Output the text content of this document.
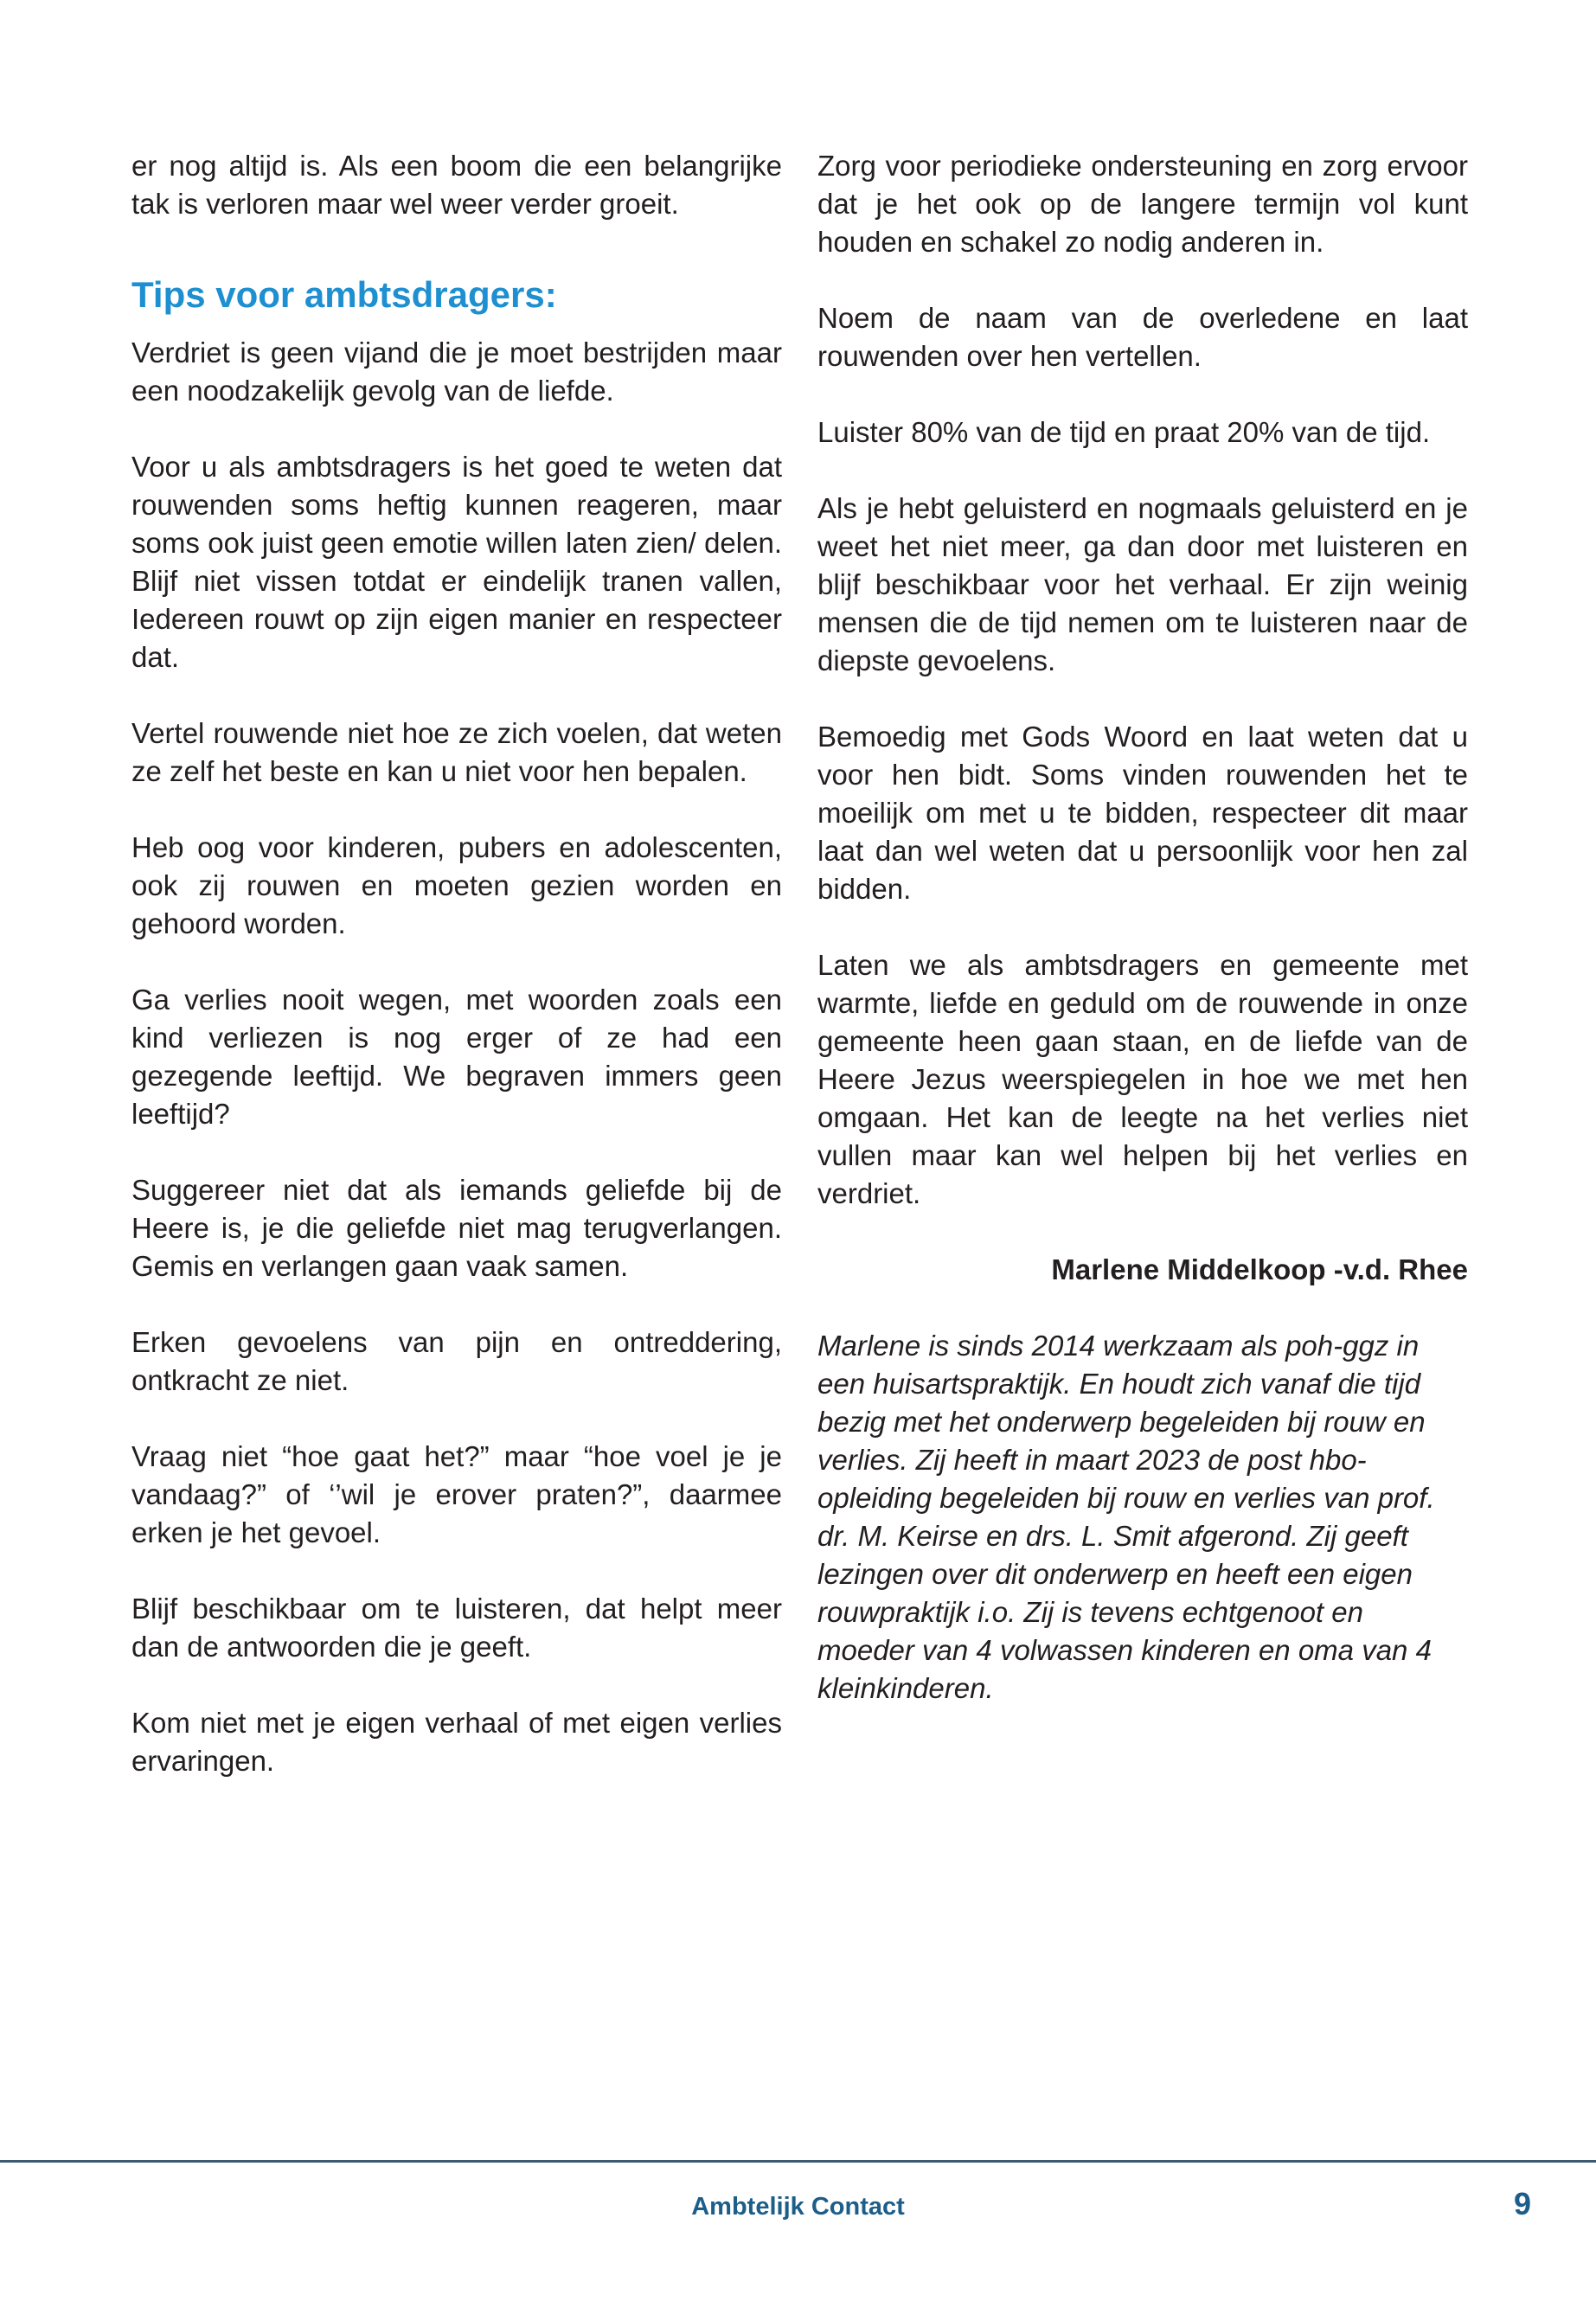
er nog altijd is. Als een boom die een belangrijke tak is verloren maar wel weer verder groeit.

Tips voor ambtsdragers:

Verdriet is geen vijand die je moet bestrijden maar een noodzakelijk gevolg van de liefde.

Voor u als ambtsdragers is het goed te weten dat rouwenden soms heftig kunnen reageren, maar soms ook juist geen emotie willen laten zien/ delen. Blijf niet vissen totdat er eindelijk tranen vallen, Iedereen rouwt op zijn eigen manier en respecteer dat.

Vertel rouwende niet hoe ze zich voelen, dat weten ze zelf het beste en kan u niet voor hen bepalen.

Heb oog voor kinderen, pubers en adolescenten, ook zij rouwen en moeten gezien worden en gehoord worden.

Ga verlies nooit wegen, met woorden zoals een kind verliezen is nog erger of ze had een gezegende leeftijd. We begraven immers geen leeftijd?

Suggereer niet dat als iemands geliefde bij de Heere is, je die geliefde niet mag terugverlangen. Gemis en verlangen gaan vaak samen.

Erken gevoelens van pijn en ontreddering, ontkracht ze niet.

Vraag niet “hoe gaat het?” maar “hoe voel je je vandaag?” of ‘’wil je erover praten?”, daarmee erken je het gevoel.

Blijf beschikbaar om te luisteren, dat helpt meer dan de antwoorden die je geeft.

Kom niet met je eigen verhaal of met eigen verlies ervaringen.

Zorg voor periodieke ondersteuning en zorg ervoor dat je het ook op de langere termijn vol kunt houden en schakel zo nodig anderen in.

Noem de naam van de overledene en laat rouwenden over hen vertellen.

Luister 80% van de tijd en praat 20% van de tijd.

Als je hebt geluisterd en nogmaals geluisterd en je weet het niet meer, ga dan door met luisteren en blijf beschikbaar voor het verhaal. Er zijn weinig mensen die de tijd nemen om te luisteren naar de diepste gevoelens.

Bemoedig met Gods Woord en laat weten dat u voor hen bidt. Soms vinden rouwenden het te moeilijk om met u te bidden, respecteer dit maar laat dan wel weten dat u persoonlijk voor hen zal bidden.

Laten we als ambtsdragers en gemeente met warmte, liefde en geduld om de rouwende in onze gemeente heen gaan staan, en de liefde van de Heere Jezus weerspiegelen in hoe we met hen omgaan. Het kan de leegte na het verlies niet vullen maar kan wel helpen bij het verlies en verdriet.

Marlene Middelkoop -v.d. Rhee

Marlene is sinds 2014 werkzaam als poh-ggz in een huisartspraktijk. En houdt zich vanaf die tijd bezig met het onderwerp begeleiden bij rouw en verlies. Zij heeft in maart 2023 de post hbo-opleiding begeleiden bij rouw en verlies van prof. dr. M. Keirse en drs. L. Smit afgerond. Zij geeft lezingen over dit onderwerp en heeft een eigen rouwpraktijk i.o. Zij is tevens echtgenoot en moeder van 4 volwassen kinderen en oma van 4 kleinkinderen.

Ambtelijk Contact	9
